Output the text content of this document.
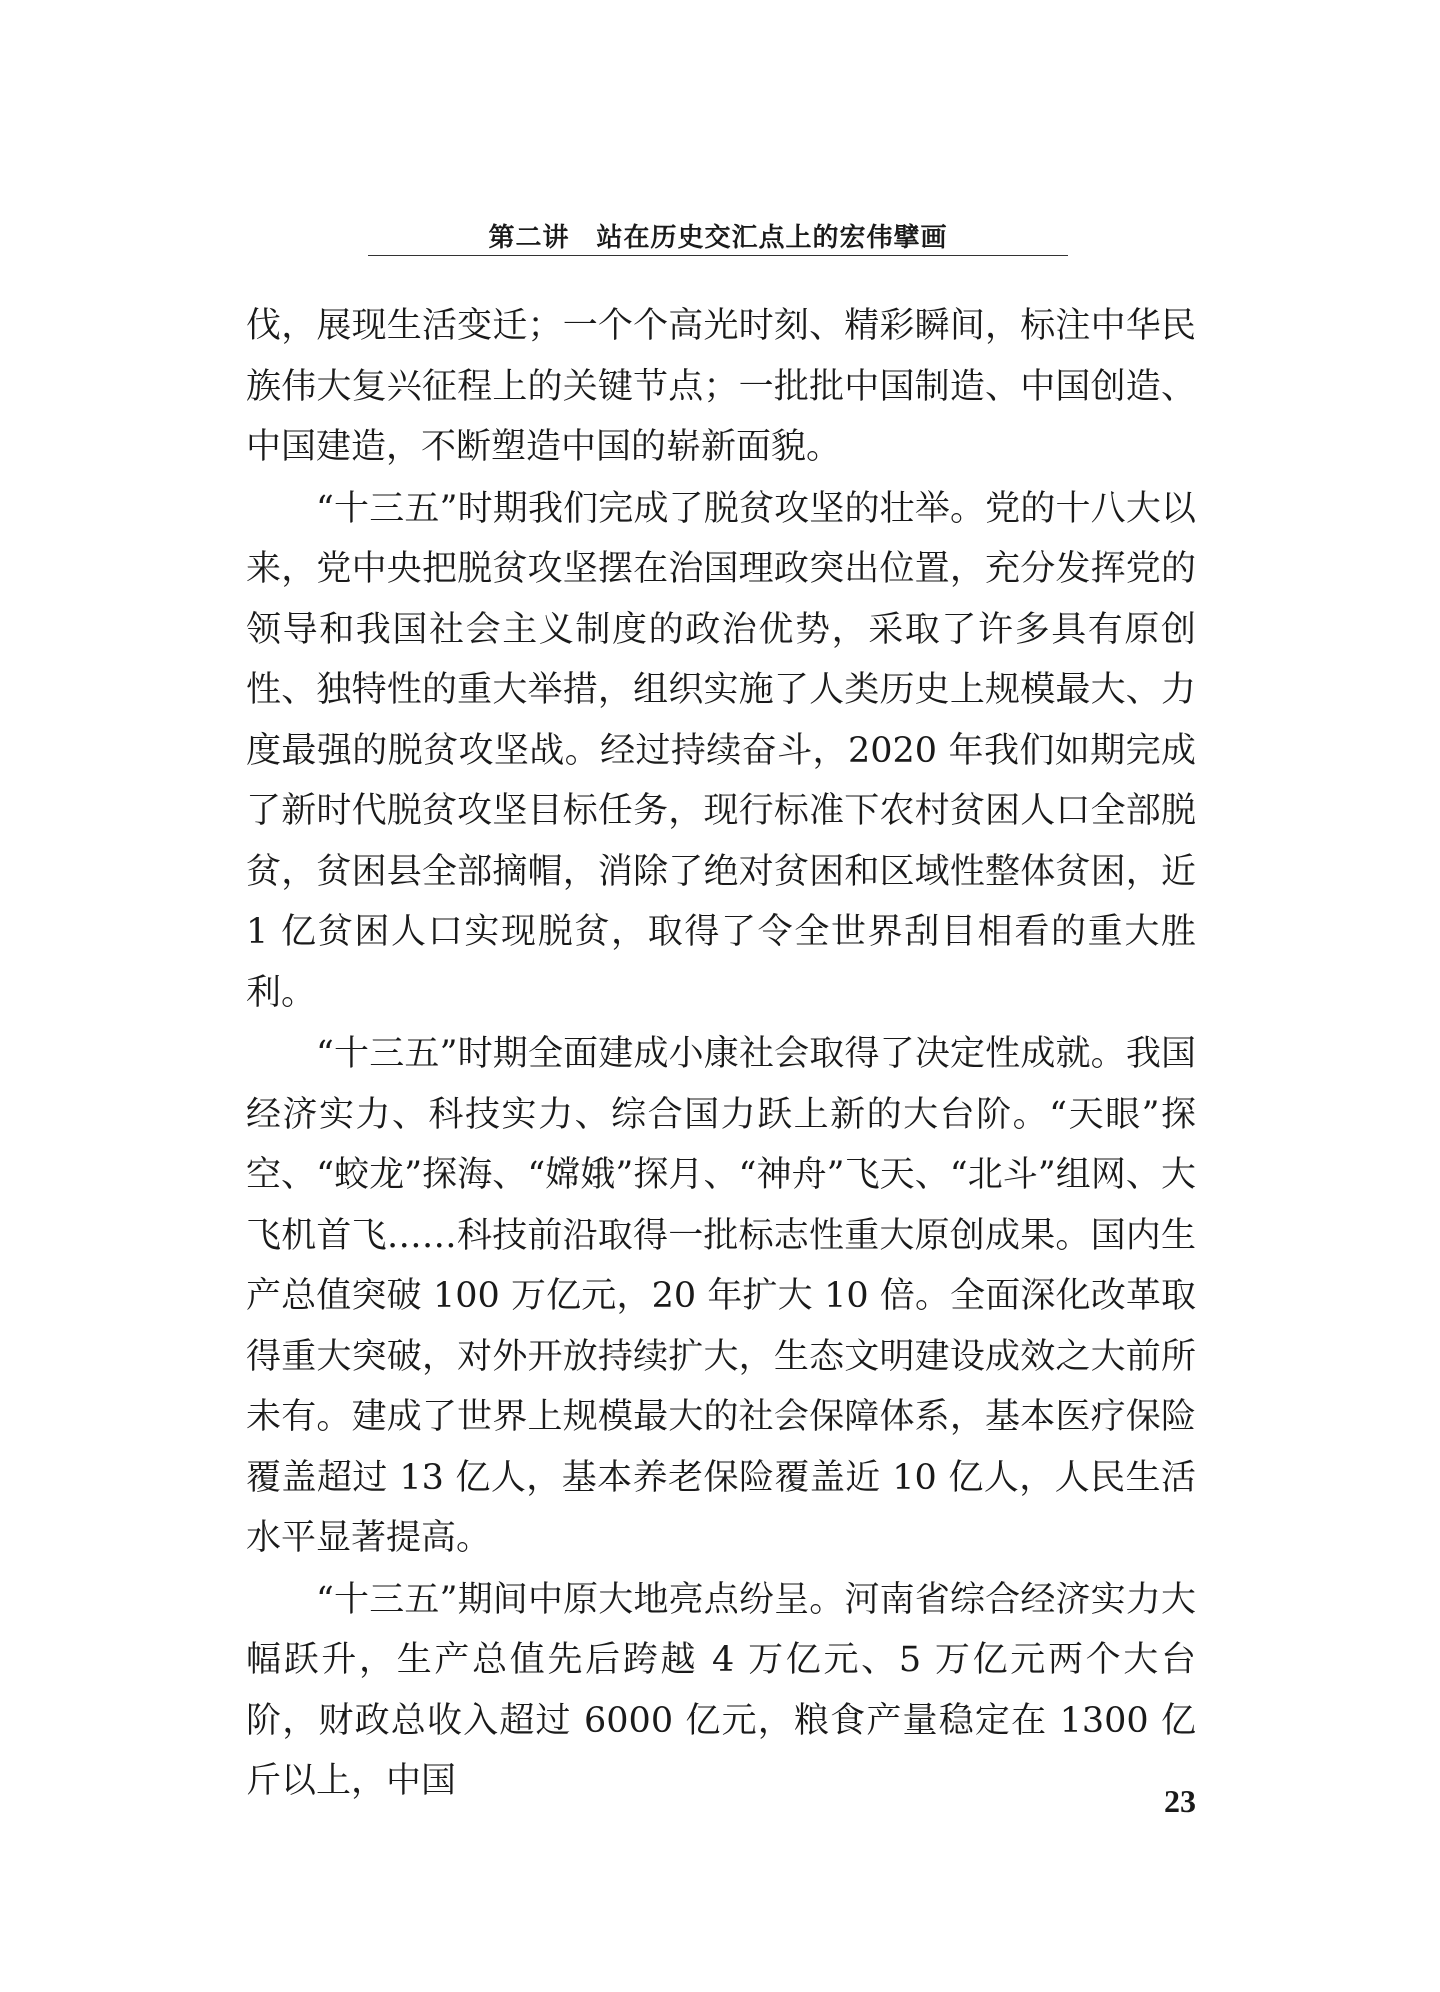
第二讲　站在历史交汇点上的宏伟擘画

伐，展现生活变迁；一个个高光时刻、精彩瞬间，标注中华民族伟大复兴征程上的关键节点；一批批中国制造、中国创造、中国建造，不断塑造中国的崭新面貌。

“十三五”时期我们完成了脱贫攻坚的壮举。党的十八大以来，党中央把脱贫攻坚摆在治国理政突出位置，充分发挥党的领导和我国社会主义制度的政治优势，采取了许多具有原创性、独特性的重大举措，组织实施了人类历史上规模最大、力度最强的脱贫攻坚战。经过持续奋斗，2020 年我们如期完成了新时代脱贫攻坚目标任务，现行标准下农村贫困人口全部脱贫，贫困县全部摘帽，消除了绝对贫困和区域性整体贫困，近 1 亿贫困人口实现脱贫，取得了令全世界刮目相看的重大胜利。

“十三五”时期全面建成小康社会取得了决定性成就。我国经济实力、科技实力、综合国力跃上新的大台阶。“天眼”探空、“蛟龙”探海、“嫦娥”探月、“神舟”飞天、“北斗”组网、大飞机首飞……科技前沿取得一批标志性重大原创成果。国内生产总值突破 100 万亿元，20 年扩大 10 倍。全面深化改革取得重大突破，对外开放持续扩大，生态文明建设成效之大前所未有。建成了世界上规模最大的社会保障体系，基本医疗保险覆盖超过 13 亿人，基本养老保险覆盖近 10 亿人，人民生活水平显著提高。

“十三五”期间中原大地亮点纷呈。河南省综合经济实力大幅跃升，生产总值先后跨越 4 万亿元、5 万亿元两个大台阶，财政总收入超过 6000 亿元，粮食产量稳定在 1300 亿斤以上，中国	23
